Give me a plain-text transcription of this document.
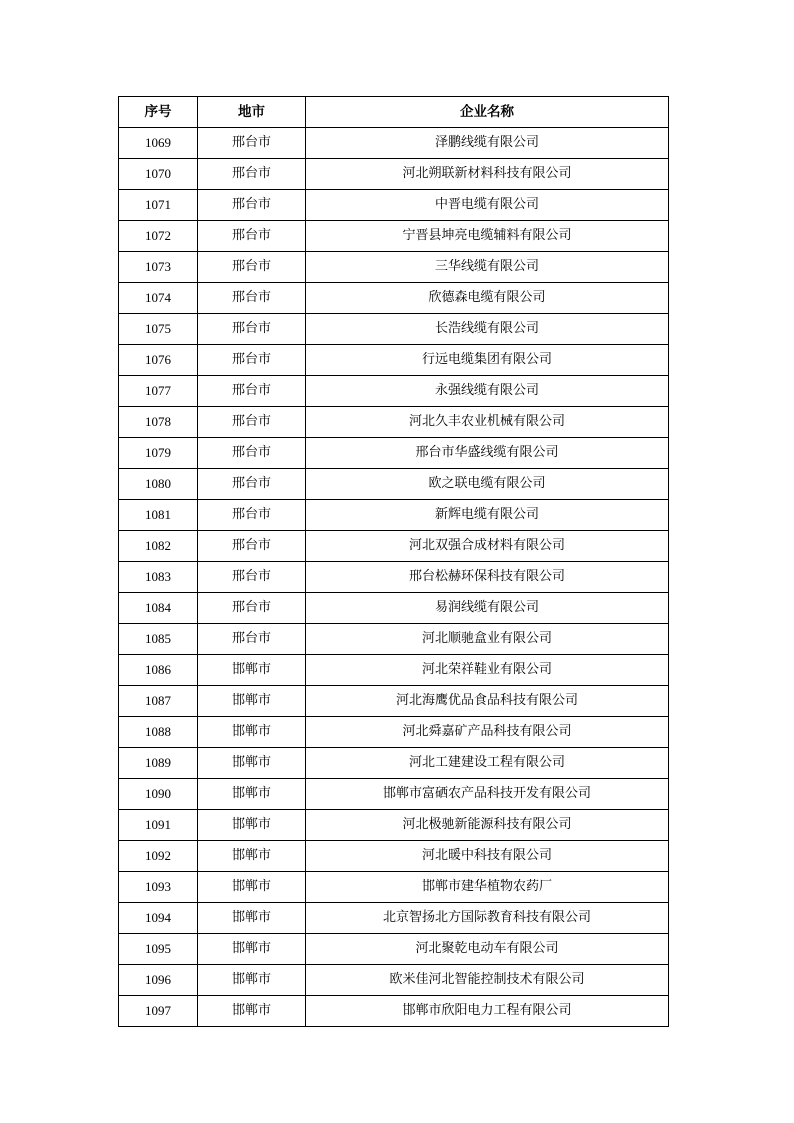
序号	地市	企业名称
1069	邢台市	泽鹏线缆有限公司
1070	邢台市	河北朔联新材料科技有限公司
1071	邢台市	中晋电缆有限公司
1072	邢台市	宁晋县坤亮电缆辅料有限公司
1073	邢台市	三华线缆有限公司
1074	邢台市	欣德森电缆有限公司
1075	邢台市	长浩线缆有限公司
1076	邢台市	行远电缆集团有限公司
1077	邢台市	永强线缆有限公司
1078	邢台市	河北久丰农业机械有限公司
1079	邢台市	邢台市华盛线缆有限公司
1080	邢台市	欧之联电缆有限公司
1081	邢台市	新辉电缆有限公司
1082	邢台市	河北双强合成材料有限公司
1083	邢台市	邢台松赫环保科技有限公司
1084	邢台市	易润线缆有限公司
1085	邢台市	河北顺驰盒业有限公司
1086	邯郸市	河北荣祥鞋业有限公司
1087	邯郸市	河北海鹰优品食品科技有限公司
1088	邯郸市	河北舜嘉矿产品科技有限公司
1089	邯郸市	河北工建建设工程有限公司
1090	邯郸市	邯郸市富硒农产品科技开发有限公司
1091	邯郸市	河北极驰新能源科技有限公司
1092	邯郸市	河北暖中科技有限公司
1093	邯郸市	邯郸市建华植物农药厂
1094	邯郸市	北京智扬北方国际教育科技有限公司
1095	邯郸市	河北聚乾电动车有限公司
1096	邯郸市	欧米佳河北智能控制技术有限公司
1097	邯郸市	邯郸市欣阳电力工程有限公司
